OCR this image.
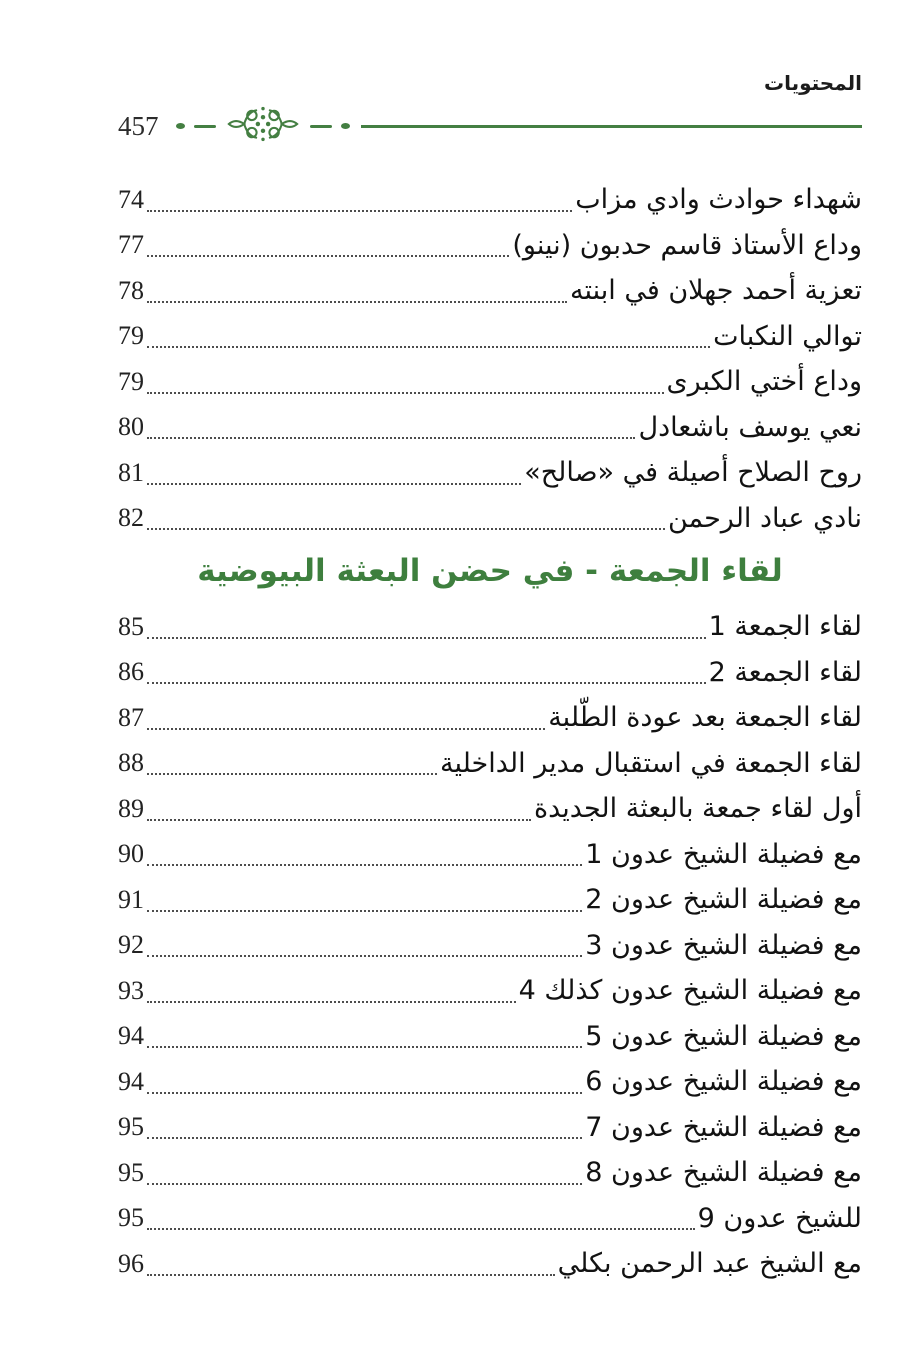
المحتويات
457
شهداء حوادث وادي مزاب
74
وداع الأستاذ قاسم حدبون (نينو)
77
تعزية أحمد جهلان في ابنته
78
توالي النكبات
79
وداع أختي الكبرى
79
نعي يوسف باشعادل
80
روح الصلاح أصيلة في «صالح»
81
نادي عباد الرحمن
82
لقاء الجمعة - في حضن البعثة البيوضية
لقاء الجمعة 1
85
لقاء الجمعة 2
86
لقاء الجمعة بعد عودة الطّلبة
87
لقاء الجمعة في استقبال مدير الداخلية
88
أول لقاء جمعة بالبعثة الجديدة
89
مع فضيلة الشيخ عدون 1
90
مع فضيلة الشيخ عدون 2
91
مع فضيلة الشيخ عدون 3
92
مع فضيلة الشيخ عدون كذلك 4
93
مع فضيلة الشيخ عدون 5
94
مع فضيلة الشيخ عدون 6
94
مع فضيلة الشيخ عدون 7
95
مع فضيلة الشيخ عدون 8
95
للشيخ عدون 9
95
مع الشيخ عبد الرحمن بكلي
96
